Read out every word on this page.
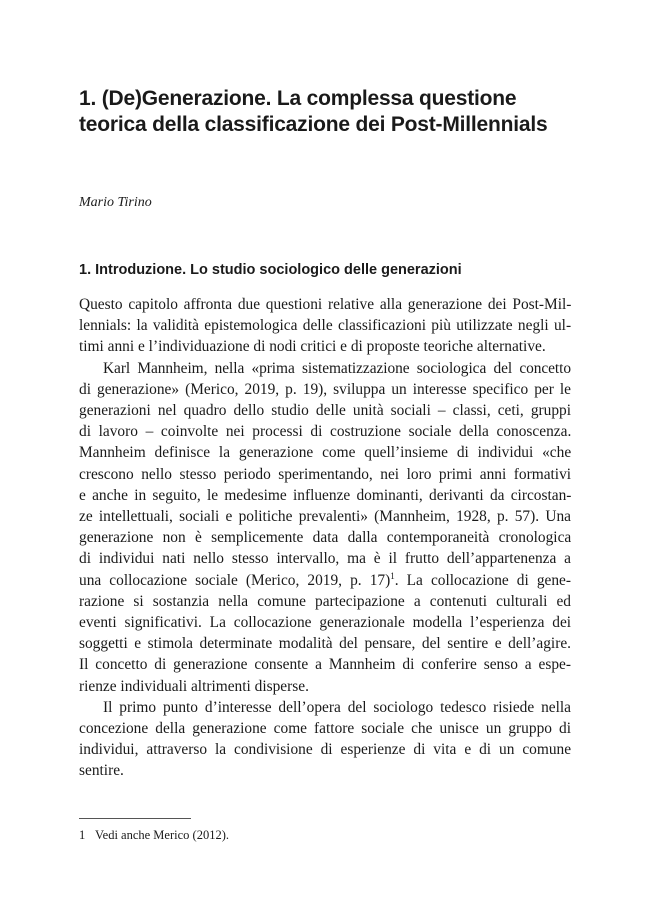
1. (De)Generazione. La complessa questione
teorica della classificazione dei Post-Millennials

Mario Tirino

1. Introduzione. Lo studio sociologico delle generazioni

Questo capitolo affronta due questioni relative alla generazione dei Post-Mil-
lennials: la validità epistemologica delle classificazioni più utilizzate negli ul-
timi anni e l’individuazione di nodi critici e di proposte teoriche alternative.

Karl Mannheim, nella «prima sistematizzazione sociologica del concetto
di generazione» (Merico, 2019, p. 19), sviluppa un interesse specifico per le
generazioni nel quadro dello studio delle unità sociali – classi, ceti, gruppi
di lavoro – coinvolte nei processi di costruzione sociale della conoscenza.
Mannheim definisce la generazione come quell’insieme di individui «che
crescono nello stesso periodo sperimentando, nei loro primi anni formativi
e anche in seguito, le medesime influenze dominanti, derivanti da circostan-
ze intellettuali, sociali e politiche prevalenti» (Mannheim, 1928, p. 57). Una
generazione non è semplicemente data dalla contemporaneità cronologica
di individui nati nello stesso intervallo, ma è il frutto dell’appartenenza a
una collocazione sociale (Merico, 2019, p. 17)$^1$. La collocazione di gene-
razione si sostanzia nella comune partecipazione a contenuti culturali ed
eventi significativi. La collocazione generazionale modella l’esperienza dei
soggetti e stimola determinate modalità del pensare, del sentire e dell’agire.
Il concetto di generazione consente a Mannheim di conferire senso a espe-
rienze individuali altrimenti disperse.

Il primo punto d’interesse dell’opera del sociologo tedesco risiede nella
concezione della generazione come fattore sociale che unisce un gruppo di
individui, attraverso la condivisione di esperienze di vita e di un comune
sentire.

1 Vedi anche Merico (2012).
